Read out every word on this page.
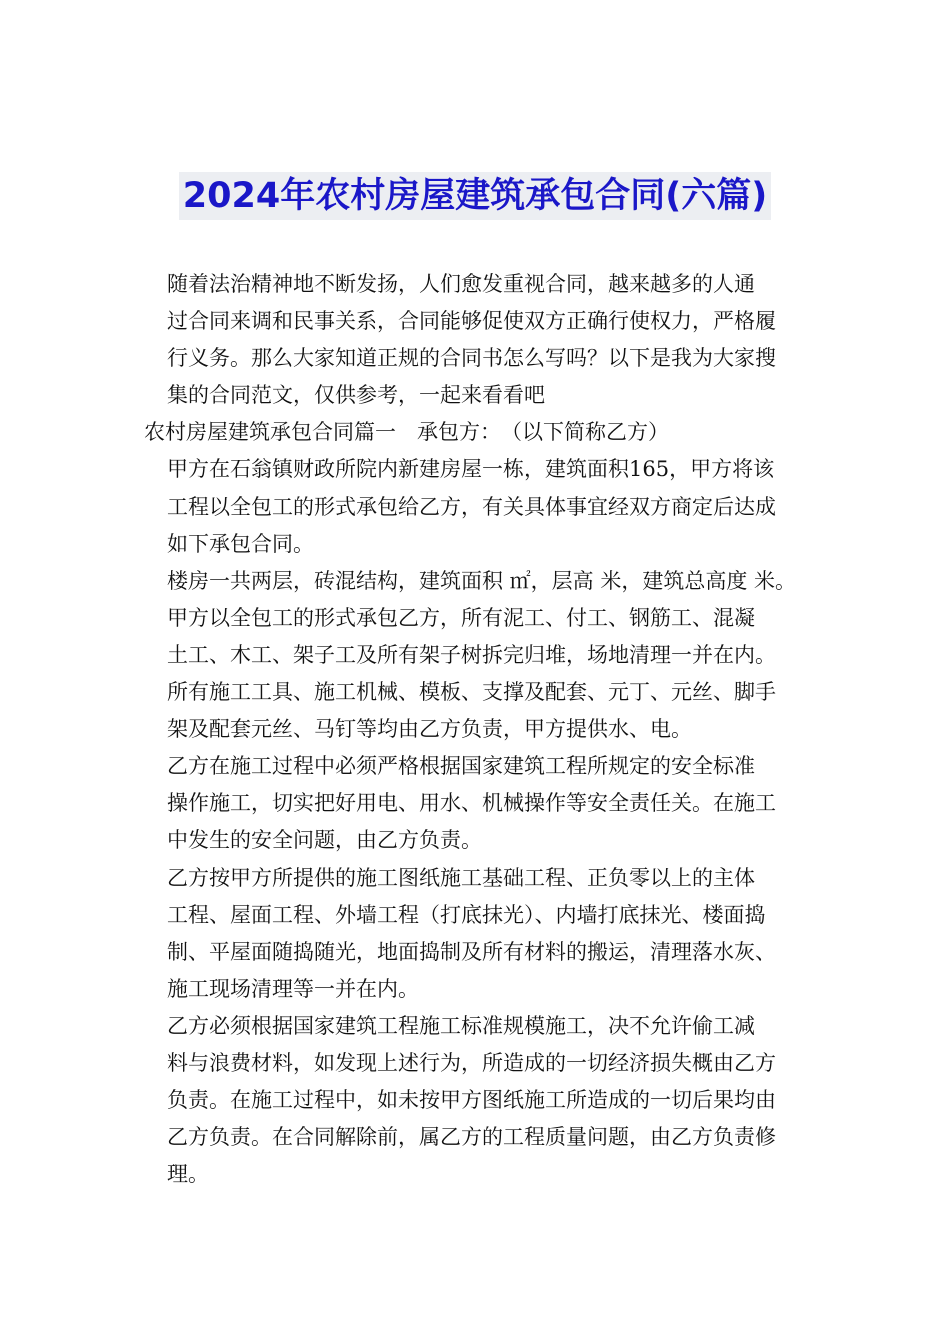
2024年农村房屋建筑承包合同(六篇)
随着法治精神地不断发扬，人们愈发重视合同，越来越多的人通
过合同来调和民事关系，合同能够促使双方正确行使权力，严格履
行义务。那么大家知道正规的合同书怎么写吗？以下是我为大家搜
集的合同范文，仅供参考，一起来看看吧
农村房屋建筑承包合同篇一　承包方：　（以下简称乙方）
甲方在石翁镇财政所院内新建房屋一栋，建筑面积165，甲方将该
工程以全包工的形式承包给乙方，有关具体事宜经双方商定后达成
如下承包合同。
楼房一共两层，砖混结构，建筑面积 ㎡，层高 米，建筑总高度 米。
甲方以全包工的形式承包乙方，所有泥工、付工、钢筋工、混凝
土工、木工、架子工及所有架子树拆完归堆，场地清理一并在内。
所有施工工具、施工机械、模板、支撑及配套、元丁、元丝、脚手
架及配套元丝、马钉等均由乙方负责，甲方提供水、电。
乙方在施工过程中必须严格根据国家建筑工程所规定的安全标准
操作施工，切实把好用电、用水、机械操作等安全责任关。在施工
中发生的安全问题，由乙方负责。
乙方按甲方所提供的施工图纸施工基础工程、正负零以上的主体
工程、屋面工程、外墙工程（打底抹光）、内墙打底抹光、楼面捣
制、平屋面随捣随光，地面捣制及所有材料的搬运，清理落水灰、
施工现场清理等一并在内。
乙方必须根据国家建筑工程施工标准规模施工，决不允许偷工减
料与浪费材料，如发现上述行为，所造成的一切经济损失概由乙方
负责。在施工过程中，如未按甲方图纸施工所造成的一切后果均由
乙方负责。在合同解除前，属乙方的工程质量问题，由乙方负责修
理。
